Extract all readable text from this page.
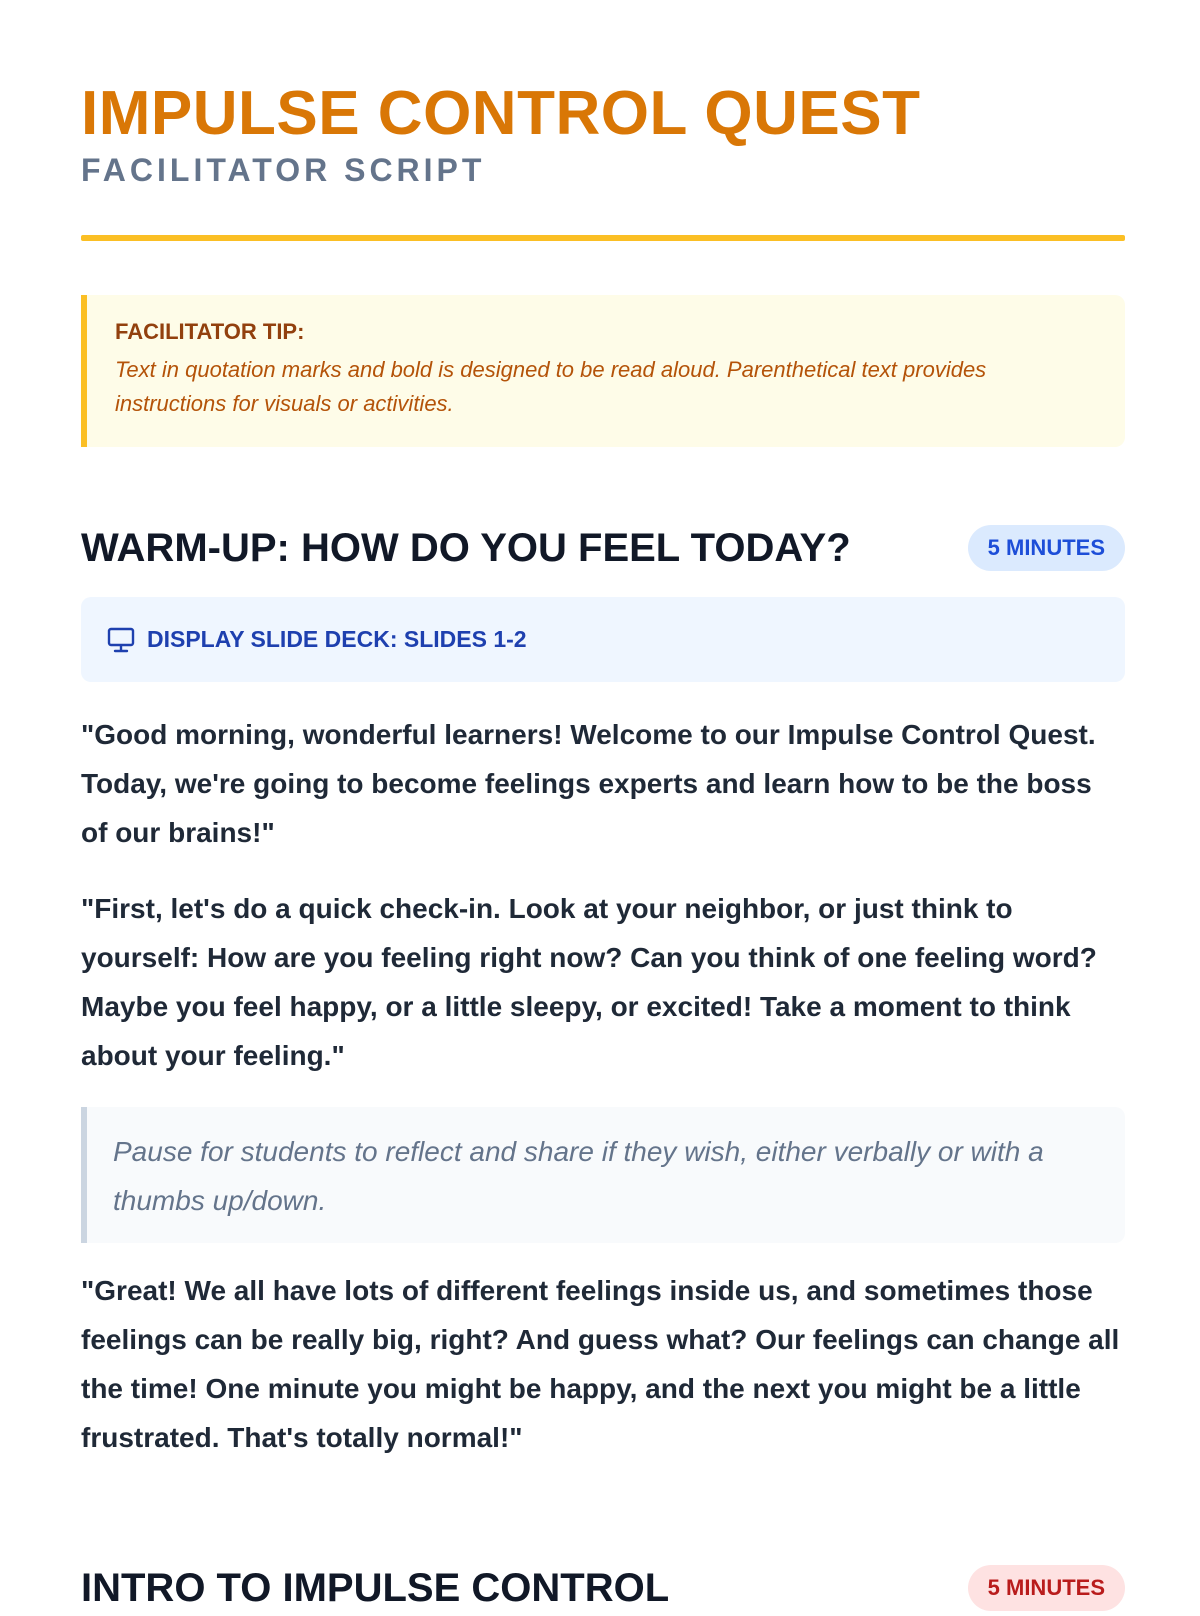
IMPULSE CONTROL QUEST
FACILITATOR SCRIPT
FACILITATOR TIP:
Text in quotation marks and bold is designed to be read aloud. Parenthetical text provides instructions for visuals or activities.
WARM-UP: HOW DO YOU FEEL TODAY?	5 MINUTES
DISPLAY SLIDE DECK: SLIDES 1-2
"Good morning, wonderful learners! Welcome to our Impulse Control Quest. Today, we're going to become feelings experts and learn how to be the boss of our brains!"
"First, let's do a quick check-in. Look at your neighbor, or just think to yourself: How are you feeling right now? Can you think of one feeling word? Maybe you feel happy, or a little sleepy, or excited! Take a moment to think about your feeling."
Pause for students to reflect and share if they wish, either verbally or with a thumbs up/down.
"Great! We all have lots of different feelings inside us, and sometimes those feelings can be really big, right? And guess what? Our feelings can change all the time! One minute you might be happy, and the next you might be a little frustrated. That's totally normal!"
INTRO TO IMPULSE CONTROL	5 MINUTES
